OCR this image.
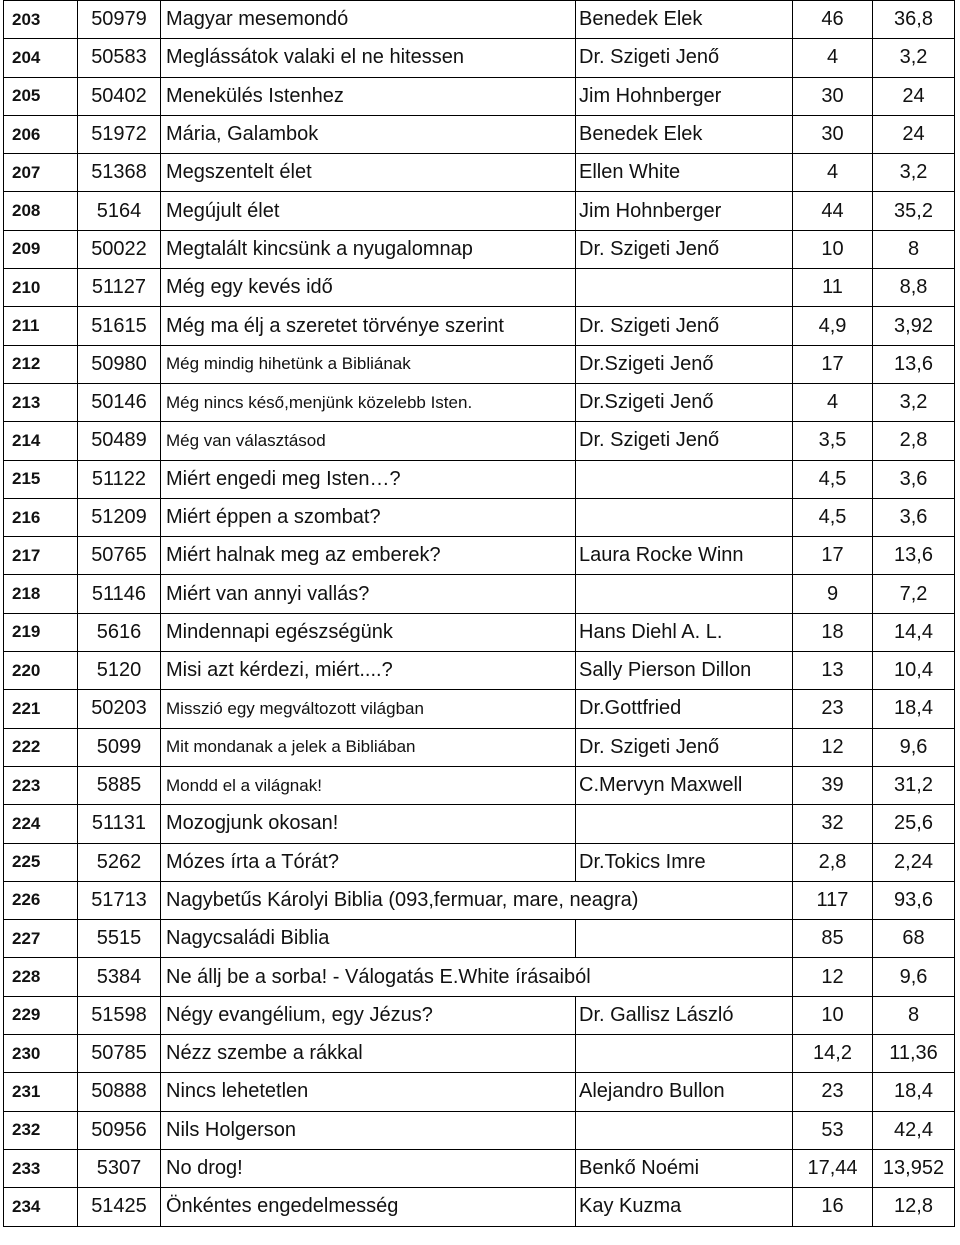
203	50979	Magyar mesemondó	Benedek Elek	46	36,8
204	50583	Meglássátok valaki el ne hitessen	Dr. Szigeti Jenő	4	3,2
205	50402	Menekülés Istenhez	Jim Hohnberger	30	24
206	51972	Mária, Galambok	Benedek Elek	30	24
207	51368	Megszentelt élet	Ellen White	4	3,2
208	5164	Megújult élet	Jim Hohnberger	44	35,2
209	50022	Megtalált kincsünk a nyugalomnap	Dr. Szigeti Jenő	10	8
210	51127	Még egy kevés idő		11	8,8
211	51615	Még ma élj a szeretet törvénye szerint	Dr. Szigeti Jenő	4,9	3,92
212	50980	Még mindig hihetünk a Bibliának	Dr.Szigeti Jenő	17	13,6
213	50146	Még nincs késő,menjünk közelebb Isten.	Dr.Szigeti Jenő	4	3,2
214	50489	Még van választásod	Dr. Szigeti Jenő	3,5	2,8
215	51122	Miért engedi meg Isten…?		4,5	3,6
216	51209	Miért éppen a szombat?		4,5	3,6
217	50765	Miért halnak meg az emberek?	Laura Rocke Winn	17	13,6
218	51146	Miért van annyi vallás?		9	7,2
219	5616	Mindennapi egészségünk	Hans Diehl A. L.	18	14,4
220	5120	Misi azt kérdezi, miért....?	Sally Pierson Dillon	13	10,4
221	50203	Misszió egy megváltozott világban	Dr.Gottfried	23	18,4
222	5099	Mit mondanak a jelek a Bibliában	Dr. Szigeti Jenő	12	9,6
223	5885	Mondd el a világnak!	C.Mervyn Maxwell	39	31,2
224	51131	Mozogjunk okosan!		32	25,6
225	5262	Mózes írta a Tórát?	Dr.Tokics Imre	2,8	2,24
226	51713	Nagybetűs Károlyi Biblia (093,fermuar, mare, neagra)		117	93,6
227	5515	Nagycsaládi Biblia		85	68
228	5384	Ne állj be a sorba! - Válogatás E.White írásaiból		12	9,6
229	51598	Négy evangélium, egy Jézus?	Dr. Gallisz László	10	8
230	50785	Nézz szembe a rákkal		14,2	11,36
231	50888	Nincs lehetetlen	Alejandro Bullon	23	18,4
232	50956	Nils Holgerson		53	42,4
233	5307	No drog!	Benkő Noémi	17,44	13,952
234	51425	Önkéntes engedelmesség	Kay Kuzma	16	12,8
